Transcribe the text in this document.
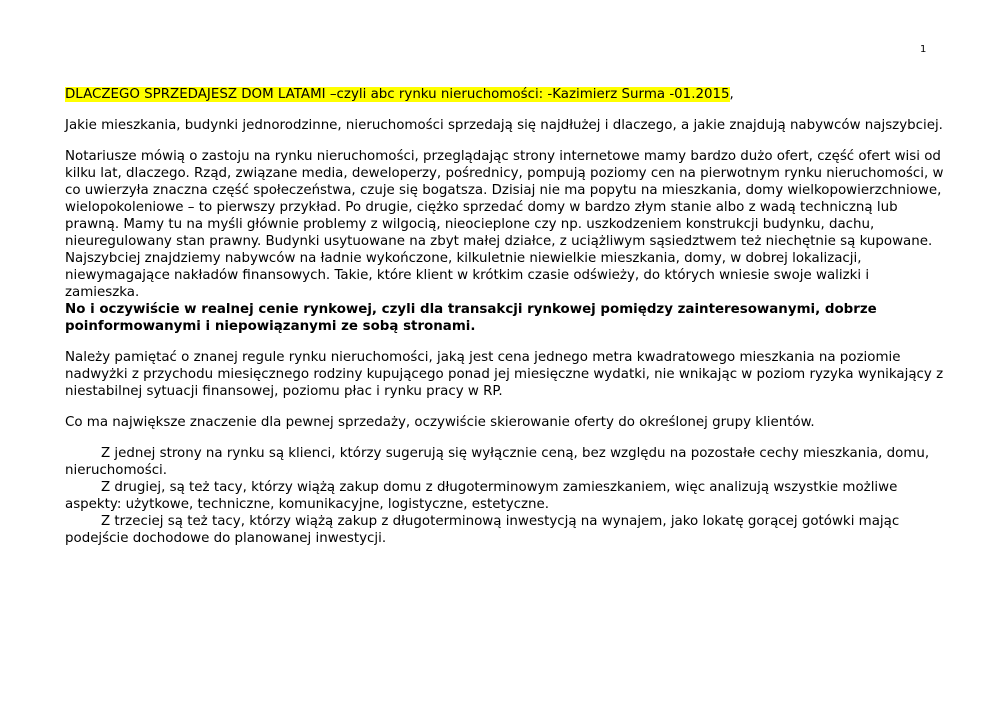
1

DLACZEGO SPRZEDAJESZ DOM LATAMI –czyli abc rynku nieruchomości: -Kazimierz Surma -01.2015,

Jakie mieszkania, budynki jednorodzinne, nieruchomości sprzedają się najdłużej i dlaczego, a jakie znajdują nabywców najszybciej.

Notariusze mówią o zastoju na rynku nieruchomości, przeglądając strony internetowe mamy bardzo dużo ofert, część ofert wisi od kilku lat, dlaczego. Rząd, związane media, deweloperzy, pośrednicy, pompują poziomy cen na pierwotnym rynku nieruchomości, w co uwierzyła znaczna część społeczeństwa, czuje się bogatsza. Dzisiaj nie ma popytu na mieszkania, domy wielkopowierzchniowe, wielopokoleniowe – to pierwszy przykład. Po drugie, ciężko sprzedać domy w bardzo złym stanie albo z wadą techniczną lub prawną. Mamy tu na myśli głównie problemy z wilgocią, nieocieplone czy np. uszkodzeniem konstrukcji budynku, dachu, nieuregulowany stan prawny. Budynki usytuowane na zbyt małej działce, z uciążliwym sąsiedztwem też niechętnie są kupowane. Najszybciej znajdziemy nabywców na ładnie wykończone, kilkuletnie niewielkie mieszkania, domy, w dobrej lokalizacji, niewymagające nakładów finansowych. Takie, które klient w krótkim czasie odświeży, do których wniesie swoje walizki i zamieszka.

No i oczywiście w realnej cenie rynkowej, czyli dla transakcji rynkowej pomiędzy zainteresowanymi, dobrze poinformowanymi i niepowiązanymi ze sobą stronami.

Należy pamiętać o znanej regule rynku nieruchomości, jaką jest cena jednego metra kwadratowego mieszkania na poziomie nadwyżki z przychodu miesięcznego rodziny kupującego ponad jej miesięczne wydatki, nie wnikając w poziom ryzyka wynikający z niestabilnej sytuacji finansowej, poziomu płac i rynku pracy w RP.

Co ma największe znaczenie dla pewnej sprzedaży, oczywiście skierowanie oferty do określonej grupy klientów.

Z jednej strony na rynku są klienci, którzy sugerują się wyłącznie ceną, bez względu na pozostałe cechy mieszkania, domu, nieruchomości.

Z drugiej, są też tacy, którzy wiążą zakup domu z długoterminowym zamieszkaniem, więc analizują wszystkie możliwe aspekty: użytkowe, techniczne, komunikacyjne, logistyczne, estetyczne.

Z trzeciej są też tacy, którzy wiążą zakup z długoterminową inwestycją na wynajem, jako lokatę gorącej gotówki mając podejście dochodowe do planowanej inwestycji.
